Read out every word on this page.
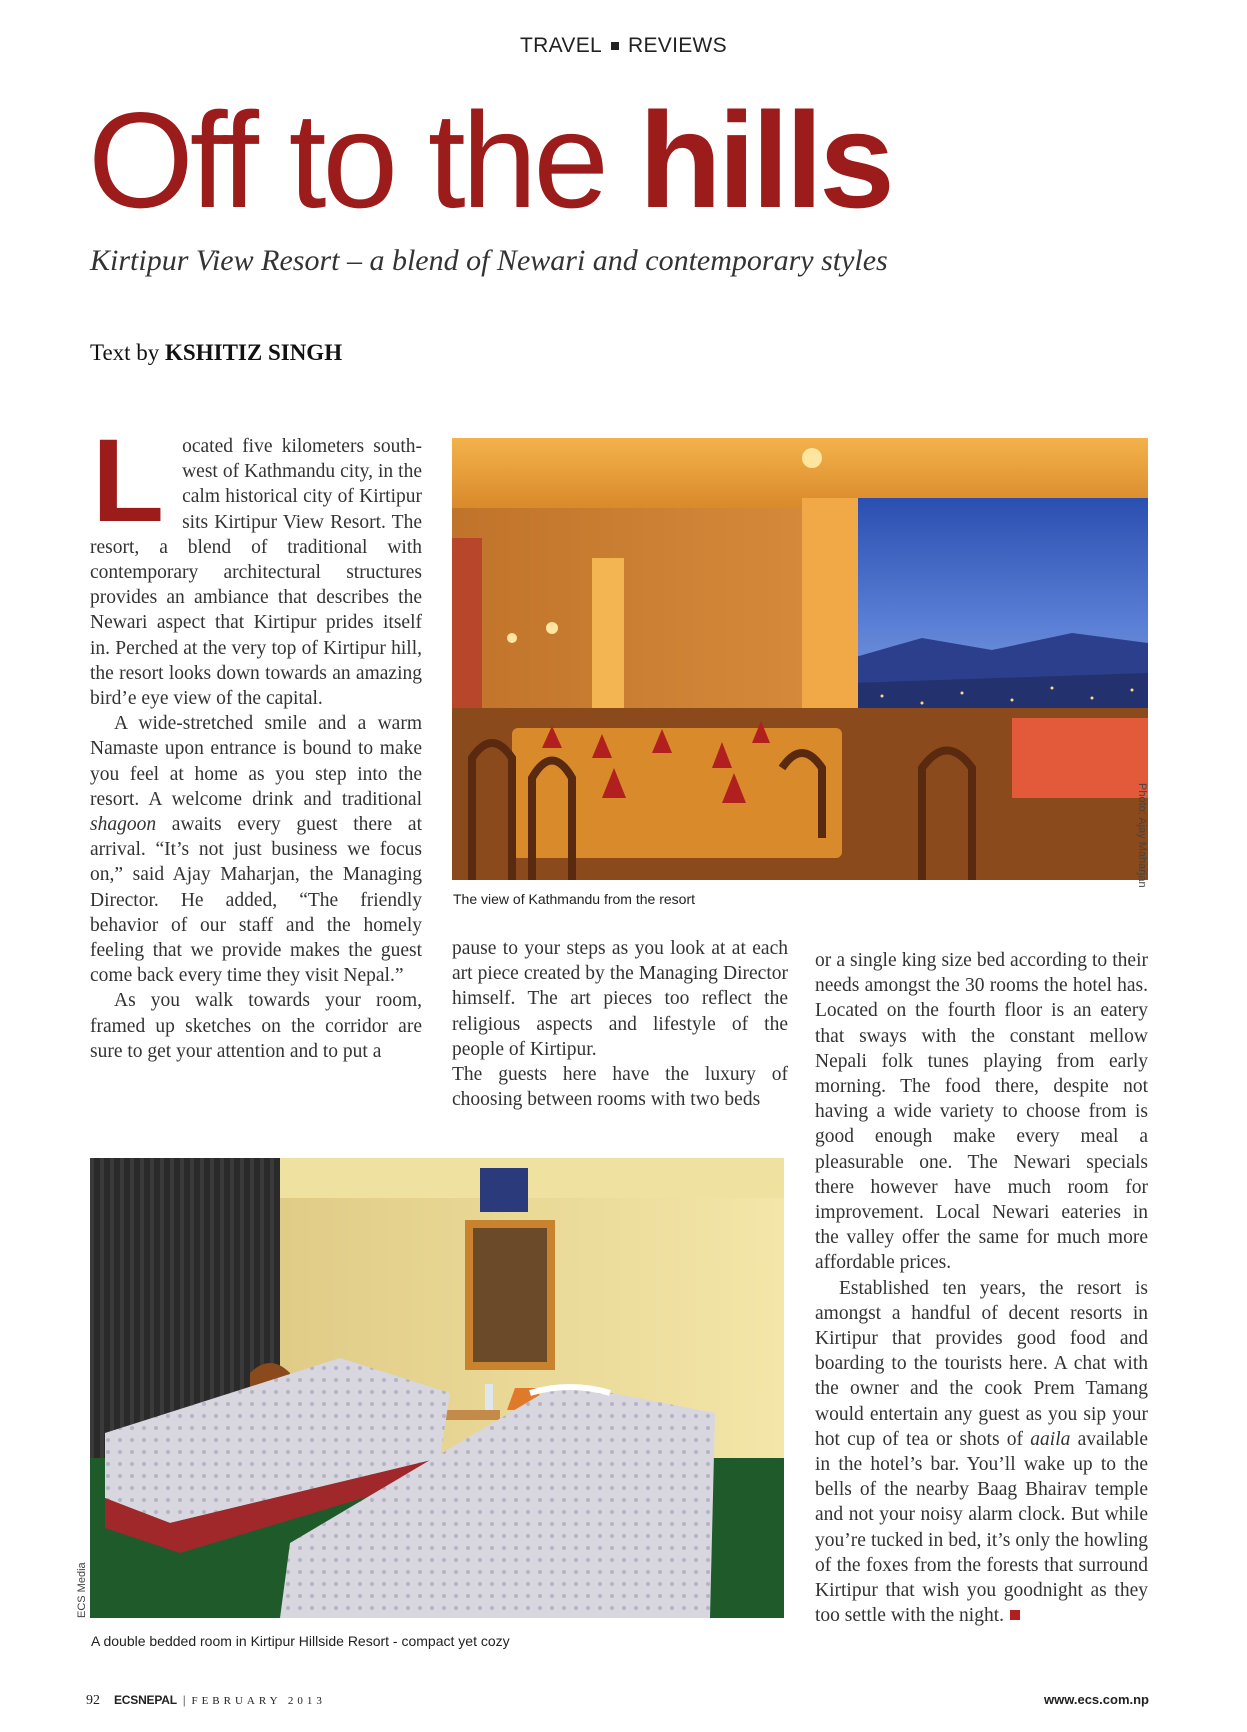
TRAVEL REVIEWS
Off to the hills
Kirtipur View Resort – a blend of Newari and contemporary styles
Text by KSHITIZ SINGH
The view of Kathmandu from the resort
Photo: Ajay Maharjan
A double bedded room in Kirtipur Hillside Resort - compact yet cozy
ECS Media

Located five kilometers south-west of Kathmandu city, in the calm historical city of Kirtipur sits Kirtipur View Resort. The resort, a blend of traditional with contemporary architectural structures provides an ambiance that describes the Newari aspect that Kirtipur prides itself in. Perched at the very top of Kirtipur hill, the resort looks down towards an amazing bird’e eye view of the capital.

A wide-stretched smile and a warm Namaste upon entrance is bound to make you feel at home as you step into the resort. A welcome drink and traditional shagoon awaits every guest there at arrival. “It’s not just business we focus on,” said Ajay Maharjan, the Managing Director. He added, “The friendly behavior of our staff and the homely feeling that we provide makes the guest come back every time they visit Nepal.”

As you walk towards your room, framed up sketches on the corridor are sure to get your attention and to put a

pause to your steps as you look at at each art piece created by the Managing Director himself. The art pieces too reflect the religious aspects and lifestyle of the people of Kirtipur.

The guests here have the luxury of choosing between rooms with two beds

or a single king size bed according to their needs amongst the 30 rooms the hotel has. Located on the fourth floor is an eatery that sways with the constant mellow Nepali folk tunes playing from early morning. The food there, despite not having a wide variety to choose from is good enough make every meal a pleasurable one. The Newari specials there however have much room for improvement. Local Newari eateries in the valley offer the same for much more affordable prices.

Established ten years, the resort is amongst a handful of decent resorts in Kirtipur that provides good food and boarding to the tourists here. A chat with the owner and the cook Prem Tamang would entertain any guest as you sip your hot cup of tea or shots of aaila available in the hotel’s bar. You’ll wake up to the bells of the nearby Baag Bhairav temple and not your noisy alarm clock. But while you’re tucked in bed, it’s only the howling of the foxes from the forests that surround Kirtipur that wish you goodnight as they too settle with the night.

92 ECSNEPAL | FEBRUARY 2013	www.ecs.com.np
